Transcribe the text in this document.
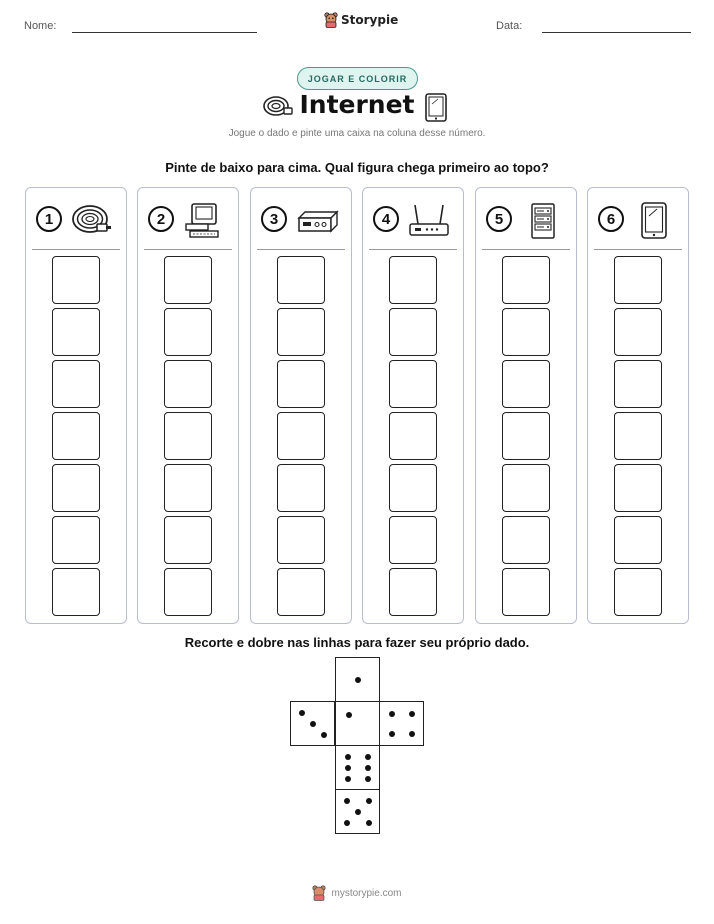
Nome:	Storypie	Data:
JOGAR E COLORIR
Internet
Jogue o dado e pinte uma caixa na coluna desse número.
Pinte de baixo para cima. Qual figura chega primeiro ao topo?
1	2	3	4	5	6
Recorte e dobre nas linhas para fazer seu próprio dado.
mystorypie.com
